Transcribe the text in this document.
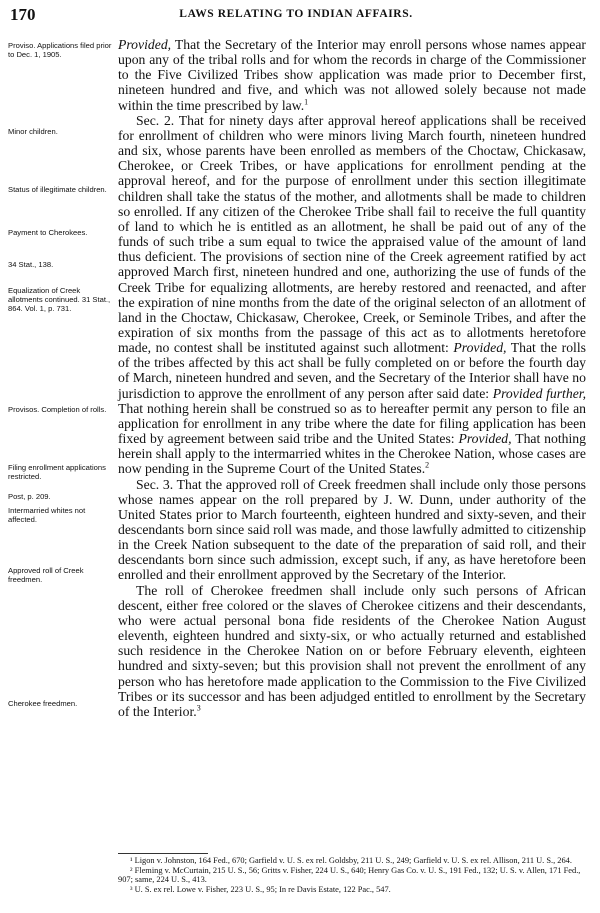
170	LAWS RELATING TO INDIAN AFFAIRS.
Proviso. Applications filed prior to Dec. 1, 1905.
Minor children.
Status of illegitimate children.
Payment to Cherokees.
34 Stat., 138.
Equalization of Creek allotments continued. 31 Stat., 864. Vol. 1, p. 731.
Provisos. Completion of rolls.
Filing enrollment applications restricted.
Post, p. 209.
Intermarried whites not affected.
Approved roll of Creek freedmen.
Cherokee freedmen.

Provided, That the Secretary of the Interior may enroll persons whose names appear upon any of the tribal rolls and for whom the records in charge of the Commissioner to the Five Civilized Tribes show application was made prior to December first, nineteen hundred and five, and which was not allowed solely because not made within the time prescribed by law.$^1$

Sec. 2. That for ninety days after approval hereof applications shall be received for enrollment of children who were minors living March fourth, nineteen hundred and six, whose parents have been enrolled as members of the Choctaw, Chickasaw, Cherokee, or Creek Tribes, or have applications for enrollment pending at the approval hereof, and for the purpose of enrollment under this section illegitimate children shall take the status of the mother, and allotments shall be made to children so enrolled. If any citizen of the Cherokee Tribe shall fail to receive the full quantity of land to which he is entitled as an allotment, he shall be paid out of any of the funds of such tribe a sum equal to twice the appraised value of the amount of land thus deficient. The provisions of section nine of the Creek agreement ratified by act approved March first, nineteen hundred and one, authorizing the use of funds of the Creek Tribe for equalizing allotments, are hereby restored and reenacted, and after the expiration of nine months from the date of the original selecton of an allotment of land in the Choctaw, Chickasaw, Cherokee, Creek, or Seminole Tribes, and after the expiration of six months from the passage of this act as to allotments heretofore made, no contest shall be instituted against such allotment: Provided, That the rolls of the tribes affected by this act shall be fully completed on or before the fourth day of March, nineteen hundred and seven, and the Secretary of the Interior shall have no jurisdiction to approve the enrollment of any person after said date: Provided further, That nothing herein shall be construed so as to hereafter permit any person to file an application for enrollment in any tribe where the date for filing application has been fixed by agreement between said tribe and the United States: Provided, That nothing herein shall apply to the intermarried whites in the Cherokee Nation, whose cases are now pending in the Supreme Court of the United States.$^2$

Sec. 3. That the approved roll of Creek freedmen shall include only those persons whose names appear on the roll prepared by J. W. Dunn, under authority of the United States prior to March fourteenth, eighteen hundred and sixty-seven, and their descendants born since said roll was made, and those lawfully admitted to citizenship in the Creek Nation subsequent to the date of the preparation of said roll, and their descendants born since such admission, except such, if any, as have heretofore been enrolled and their enrollment approved by the Secretary of the Interior.

The roll of Cherokee freedmen shall include only such persons of African descent, either free colored or the slaves of Cherokee citizens and their descendants, who were actual personal bona fide residents of the Cherokee Nation August eleventh, eighteen hundred and sixty-six, or who actually returned and established such residence in the Cherokee Nation on or before February eleventh, eighteen hundred and sixty-seven; but this provision shall not prevent the enrollment of any person who has heretofore made application to the Commission to the Five Civilized Tribes or its successor and has been adjudged entitled to enrollment by the Secretary of the Interior.$^3$

¹ Ligon v. Johnston, 164 Fed., 670; Garfield v. U. S. ex rel. Goldsby, 211 U. S., 249; Garfield v. U. S. ex rel. Allison, 211 U. S., 264.
² Fleming v. McCurtain, 215 U. S., 56; Gritts v. Fisher, 224 U. S., 640; Henry Gas Co. v. U. S., 191 Fed., 132; U. S. v. Allen, 171 Fed., 907; same, 224 U. S., 413.
³ U. S. ex rel. Lowe v. Fisher, 223 U. S., 95; In re Davis Estate, 122 Pac., 547.
